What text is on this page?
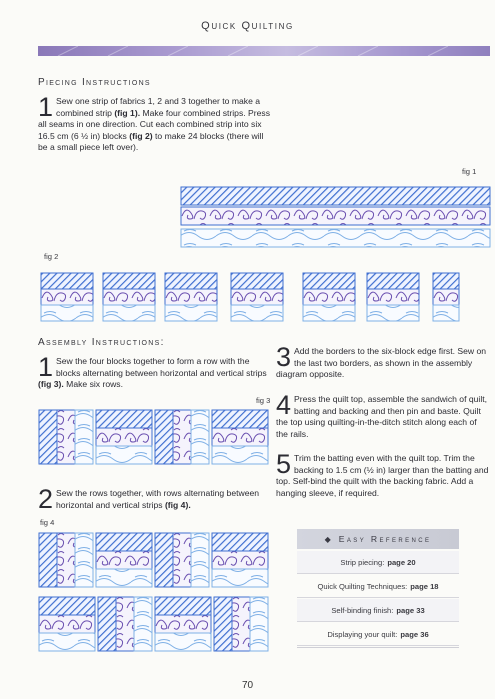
Quick Quilting
Piecing Instructions
1 Sew one strip of fabrics 1, 2 and 3 together to make a combined strip (fig 1). Make four combined strips. Press all seams in one direction. Cut each combined strip into six 16.5 cm (6 ½ in) blocks (fig 2) to make 24 blocks (there will be a small piece left over).
fig 1
fig 2
Assembly Instructions:
1 Sew the four blocks together to form a row with the blocks alternating between horizontal and vertical strips (fig 3). Make six rows.
fig 3
2 Sew the rows together, with rows alternating between horizontal and vertical strips (fig 4).
fig 4
3 Add the borders to the six-block edge first. Sew on the last two borders, as shown in the assembly diagram opposite.
4 Press the quilt top, assemble the sandwich of quilt, batting and backing and then pin and baste. Quilt the top using quilting-in-the-ditch stitch along each of the rails.
5 Trim the batting even with the quilt top. Trim the backing to 1.5 cm (½ in) larger than the batting and top. Self-bind the quilt with the backing fabric. Add a hanging sleeve, if required.
◆ Easy Reference
Strip piecing: page 20
Quick Quilting Techniques: page 18
Self-binding finish: page 33
Displaying your quilt: page 36
70
